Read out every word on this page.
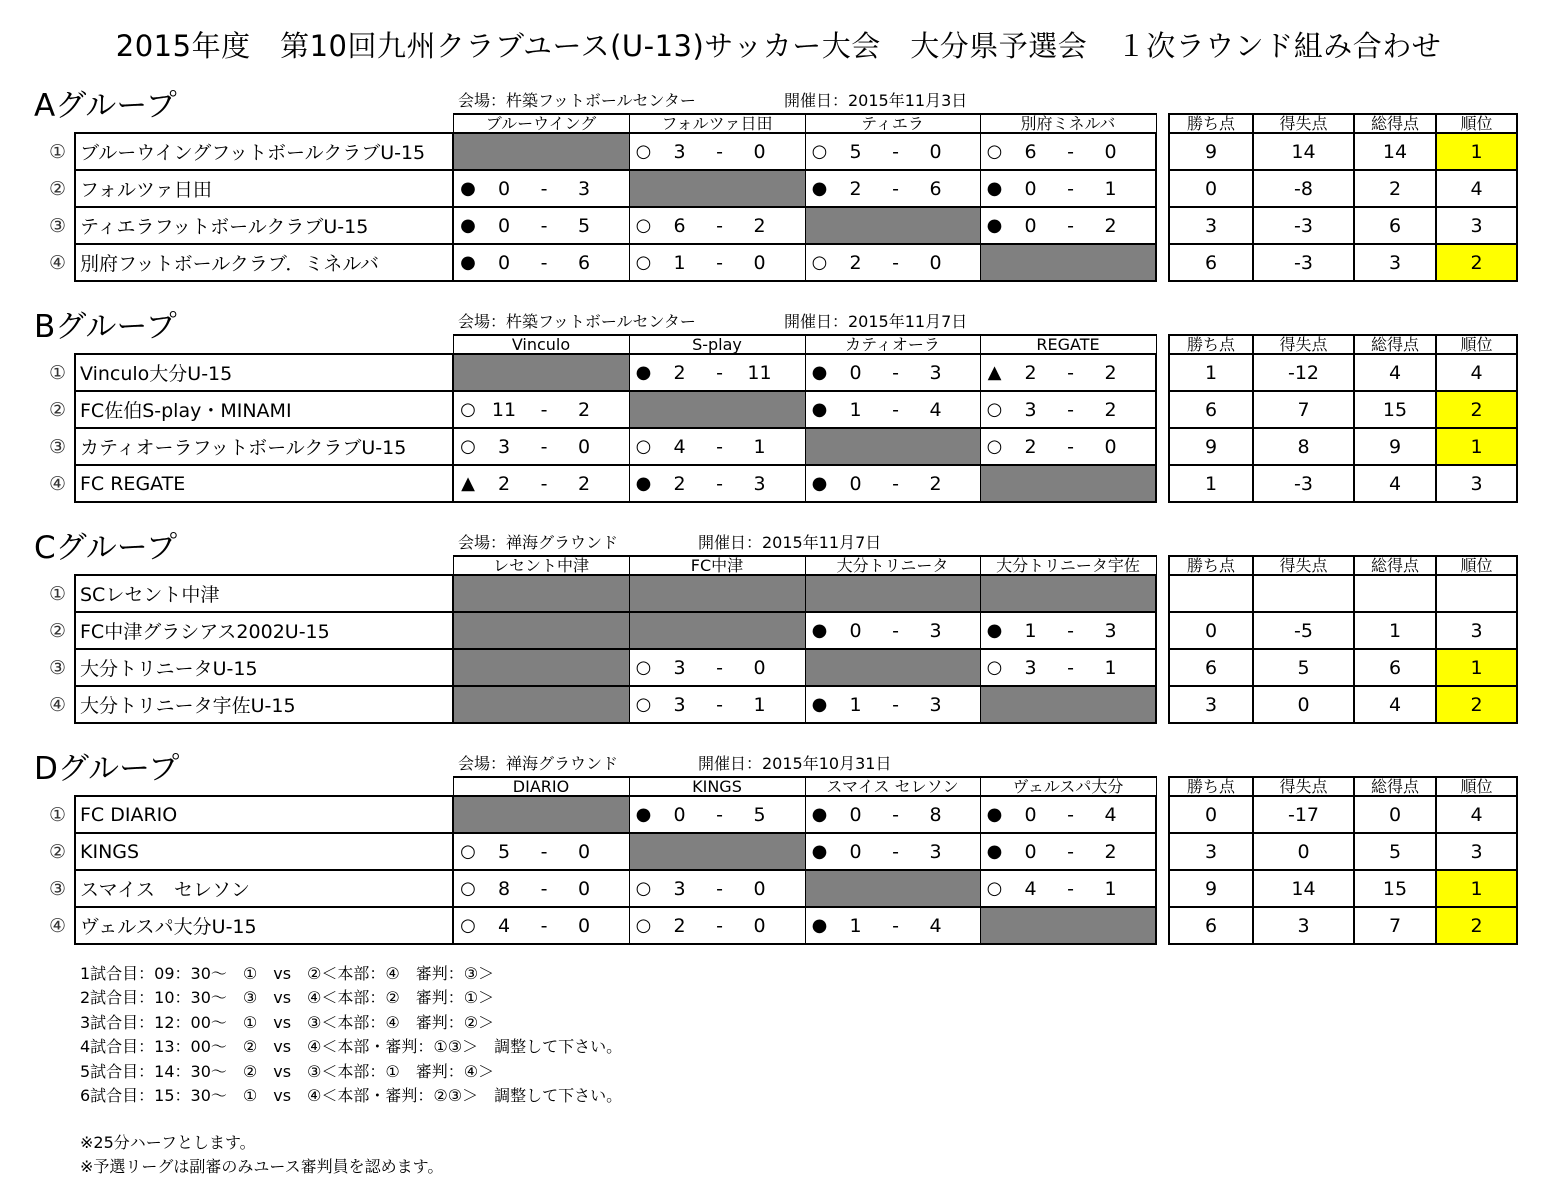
2015年度　第10回九州クラブユース(U-13)サッカー大会　大分県予選会　１次ラウンド組み合わせ
Aグループ	会場：杵築フットボールセンター	開催日：2015年11月3日
		ブルーウイング	フォルツァ日田	ティエラ	別府ミネルバ
①	ブルーウイングフットボールクラブU-15		○ 3 - 0	○ 5 - 0	○ 6 - 0

②	フォルツァ日田	● 0 - 3		● 2 - 6	● 0 - 1

③	ティエラフットボールクラブU-15	● 0 - 5	○ 6 - 2		● 0 - 2

④	別府フットボールクラブ．ミネルバ	● 0 - 6	○ 1 - 0	○ 2 - 0	

勝ち点	得失点	総得点	順位
9	14	14	1
0	-8	2	4
3	-3	6	3
6	-3	3	2
Bグループ	会場：杵築フットボールセンター	開催日：2015年11月7日
		Vinculo	S-play	カティオーラ	REGATE
①	Vinculo大分U-15		● 2 - 11	● 0 - 3	▲ 2 - 2

②	FC佐伯S-play・MINAMI	○ 11 - 2		● 1 - 4	○ 3 - 2

③	カティオーラフットボールクラブU-15	○ 3 - 0	○ 4 - 1		○ 2 - 0

④	FC REGATE	▲ 2 - 2	● 2 - 3	● 0 - 2	

勝ち点	得失点	総得点	順位
1	-12	4	4
6	7	15	2
9	8	9	1
1	-3	4	3
Cグループ	会場：禅海グラウンド	開催日：2015年11月7日
		レセント中津	FC中津	大分トリニータ	大分トリニータ宇佐
①	SCレセント中津				
②	FC中津グラシアス2002U-15			● 0 - 3	● 1 - 3

③	大分トリニータU-15		○ 3 - 0		○ 3 - 1

④	大分トリニータ宇佐U-15		○ 3 - 1	● 1 - 3	

勝ち点	得失点	総得点	順位

0	-5	1	3
6	5	6	1
3	0	4	2
Dグループ	会場：禅海グラウンド	開催日：2015年10月31日
		DIARIO	KINGS	スマイス セレソン	ヴェルスパ大分
①	FC DIARIO		● 0 - 5	● 0 - 8	● 0 - 4

②	KINGS	○ 5 - 0		● 0 - 3	● 0 - 2

③	スマイス　セレソン	○ 8 - 0	○ 3 - 0		○ 4 - 1

④	ヴェルスパ大分U-15	○ 4 - 0	○ 2 - 0	● 1 - 4	

勝ち点	得失点	総得点	順位
0	-17	0	4
3	0	5	3
9	14	15	1
6	3	7	2
1試合目：09：30～　①　vs　②＜本部：④　審判：③＞
2試合目：10：30～　③　vs　④＜本部：②　審判：①＞
3試合目：12：00～　①　vs　③＜本部：④　審判：②＞
4試合目：13：00～　②　vs　④＜本部・審判：①③＞　調整して下さい。
5試合目：14：30～　②　vs　③＜本部：①　審判：④＞
6試合目：15：30～　①　vs　④＜本部・審判：②③＞　調整して下さい。
※25分ハーフとします。
※予選リーグは副審のみユース審判員を認めます。
